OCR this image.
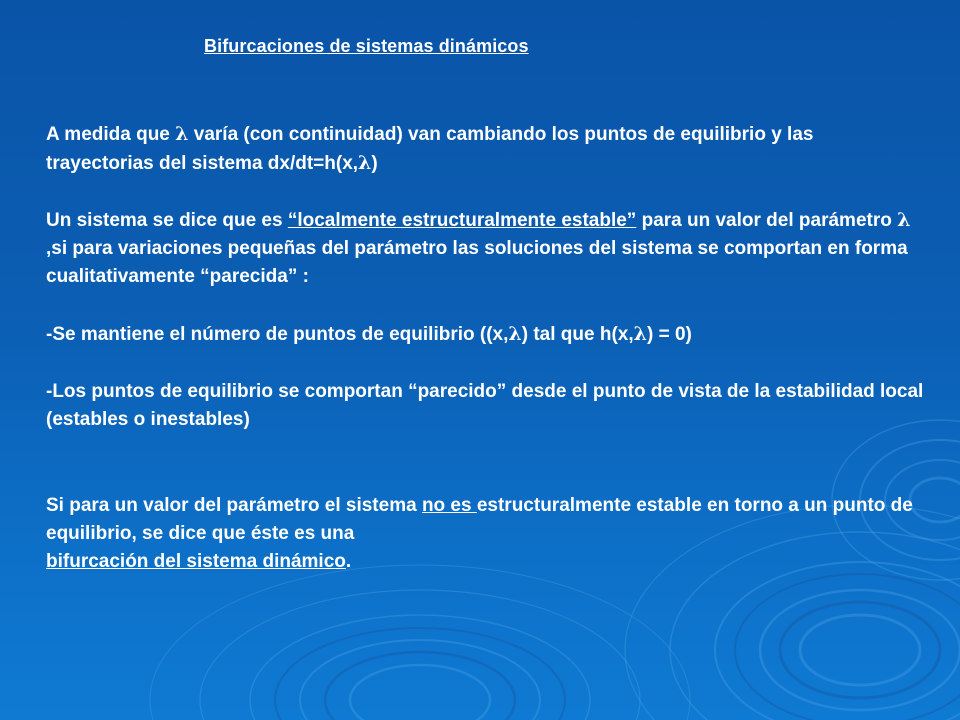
Bifurcaciones de sistemas dinámicos
A medida que λ varía (con continuidad) van cambiando los puntos de equilibrio y las trayectorias del sistema dx/dt=h(x,λ)
Un sistema se dice que es “localmente estructuralmente estable” para un valor del parámetro λ ,si para variaciones pequeñas del parámetro las soluciones del sistema se comportan en forma cualitativamente “parecida” :
-Se mantiene el número de puntos de equilibrio ((x,λ) tal que h(x,λ) = 0)
-Los puntos de equilibrio se comportan “parecido” desde el punto de vista de la estabilidad local (estables o inestables)
Si para un valor del parámetro el sistema no es estructuralmente estable en torno a un punto de equilibrio, se dice que éste es una
bifurcación del sistema dinámico.
